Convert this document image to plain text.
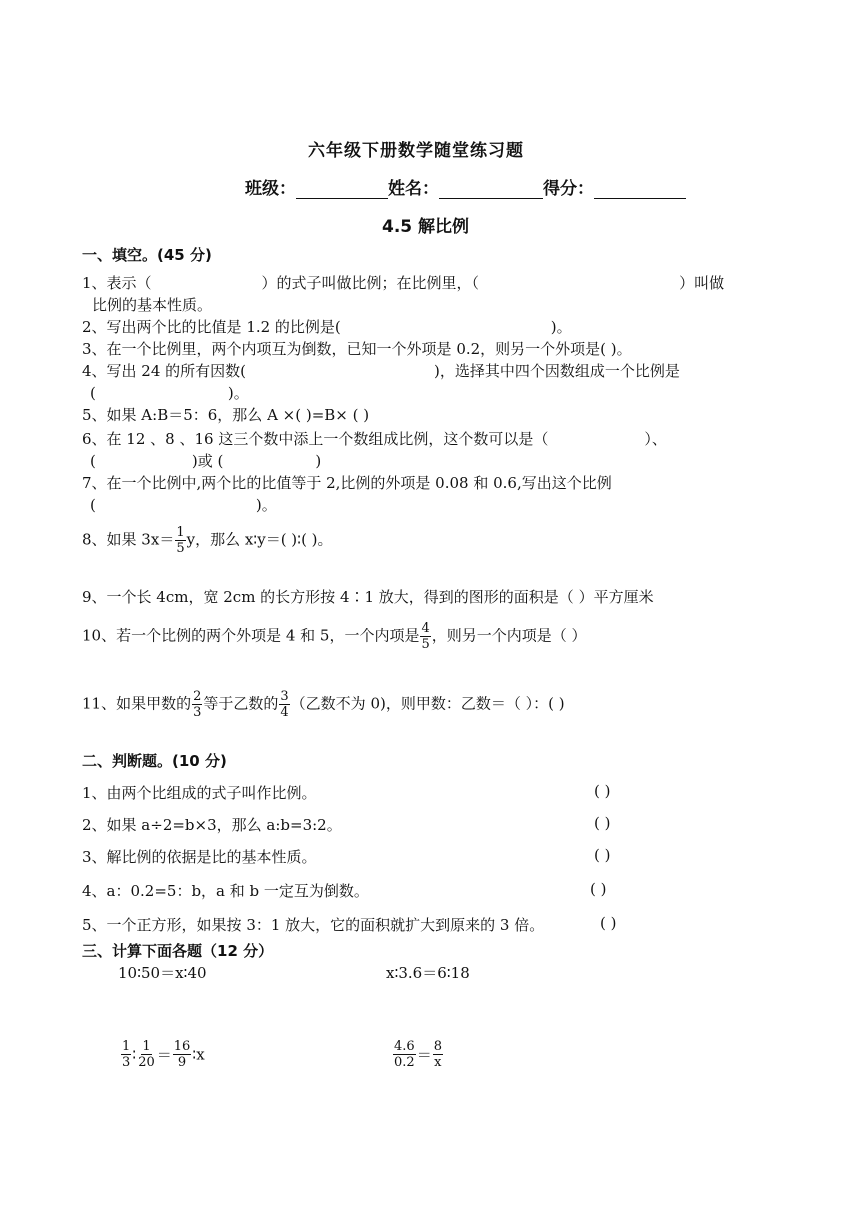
六年级下册数学随堂练习题
班级：	姓名：	得分：
4.5 解比例
一、填空。(45 分)
1、表示（	）的式子叫做比例；在比例里，（	）叫做
比例的基本性质。
2、写出两个比的比值是 1.2 的比例是(	)。
3、在一个比例里，两个内项互为倒数，已知一个外项是 0.2，则另一个外项是( )。
4、写出 24 的所有因数(	)，选择其中四个因数组成一个比例是
(	)。
5、如果 A:B＝5：6，那么 A ×( )=B× ( )
6、在 12 、8 、16 这三个数中添上一个数组成比例，这个数可以是（	）、
(	)或 (	)
7、在一个比例中,两个比的比值等于 2,比例的外项是 0.08 和 0.6,写出这个比例
(	)。
8、如果 $3x= \frac{1}{5}$ y，那么 x∶y＝( )∶( )。
9、一个长 4cm，宽 2cm 的长方形按 4∶1 放大，得到的图形的面积是（ ）平方厘米
10、若一个比例的两个外项是 4 和 5，一个内项是 $\frac{4}{5}$ ，则另一个内项是（ ）
11、如果甲数的 $\frac{2}{3}$ 等于乙数的 $\frac{3}{4}$ （乙数不为 0)，则甲数：乙数＝（ ）：( )
二、判断题。(10 分)
1、由两个比组成的式子叫作比例。	( )
2、如果 a÷2=b×3，那么 a:b=3:2。	( )
3、解比例的依据是比的基本性质。	( )
4、a：0.2=5：b，a 和 b 一定互为倒数。	( )
5、一个正方形，如果按 3：1 放大，它的面积就扩大到原来的 3 倍。	( )
三、计算下面各题（12 分）
10∶50＝x∶40	x∶3.6＝6∶18
$\frac{1}{3}$ ∶ $\frac{1}{20} = \frac{16}{9}$ ∶x	$\frac{4.6}{0.2} = \frac{8}{x}$
